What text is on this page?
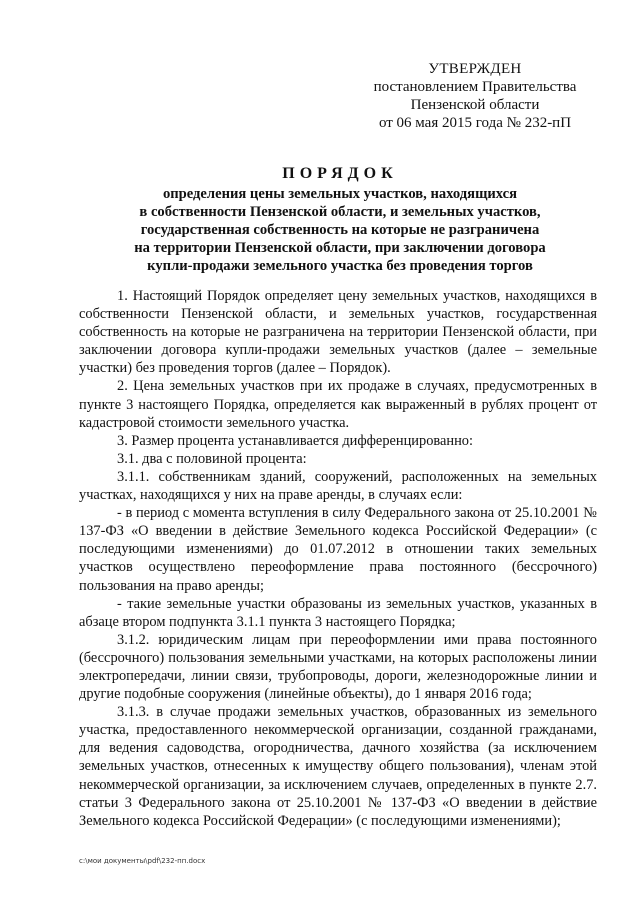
УТВЕРЖДЕН
постановлением Правительства
Пензенской области
от 06 мая 2015 года № 232-пП
ПОРЯДОК
определения цены земельных участков, находящихся
в собственности Пензенской области, и земельных участков,
государственная собственность на которые не разграничена
на территории Пензенской области, при заключении договора
купли-продажи земельного участка без проведения торгов

1. Настоящий Порядок определяет цену земельных участков, находящихся в собственности Пензенской области, и земельных участков, государственная собственность на которые не разграничена на территории Пензенской области, при заключении договора купли-продажи земельных участков (далее – земельные участки) без проведения торгов (далее – Порядок).

2. Цена земельных участков при их продаже в случаях, предусмотренных в пункте 3 настоящего Порядка, определяется как выраженный в рублях процент от кадастровой стоимости земельного участка.

3. Размер процента устанавливается дифференцированно:

3.1. два с половиной процента:

3.1.1. собственникам зданий, сооружений, расположенных на земельных участках, находящихся у них на праве аренды, в случаях если:

- в период с момента вступления в силу Федерального закона от 25.10.2001 № 137-ФЗ «О введении в действие Земельного кодекса Российской Федерации» (с последующими изменениями) до 01.07.2012 в отношении таких земельных участков осуществлено переоформление права постоянного (бессрочного) пользования на право аренды;

- такие земельные участки образованы из земельных участков, указанных в абзаце втором подпункта 3.1.1 пункта 3 настоящего Порядка;

3.1.2. юридическим лицам при переоформлении ими права постоянного (бессрочного) пользования земельными участками, на которых расположены линии электропередачи, линии связи, трубопроводы, дороги, железнодорожные линии и другие подобные сооружения (линейные объекты), до 1 января 2016 года;

3.1.3. в случае продажи земельных участков, образованных из земельного участка, предоставленного некоммерческой организации, созданной гражданами, для ведения садоводства, огородничества, дачного хозяйства (за исключением земельных участков, отнесенных к имуществу общего пользования), членам этой некоммерческой организации, за исключением случаев, определенных в пункте 2.7. статьи 3 Федерального закона от 25.10.2001 № 137-ФЗ «О введении в действие Земельного кодекса Российской Федерации» (с последующими изменениями);

c:\мои документы\pdf\232-пп.docx
